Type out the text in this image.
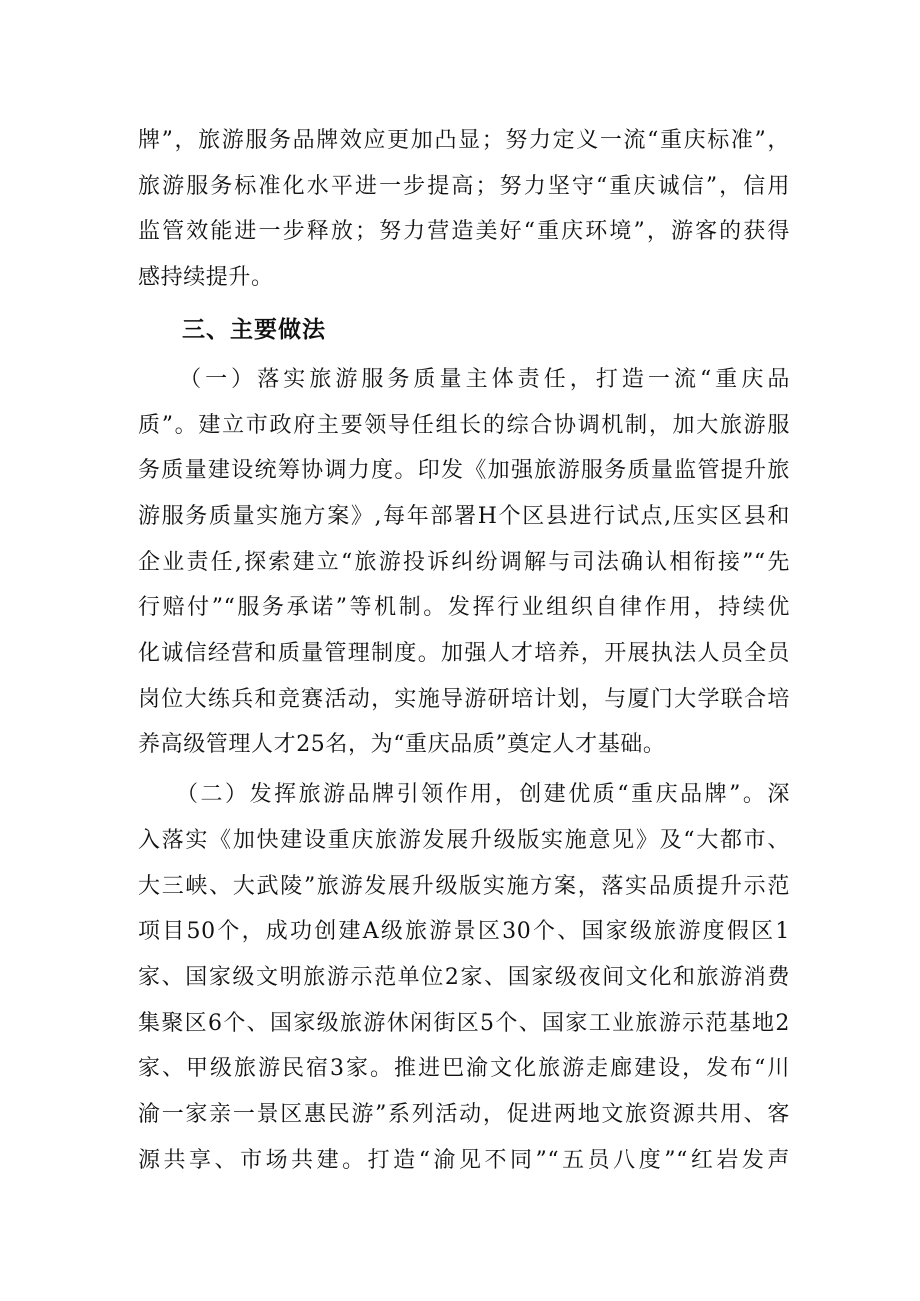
牌”，旅游服务品牌效应更加凸显；努力定义一流“重庆标准”，
旅游服务标准化水平进一步提高；努力坚守“重庆诚信”，信用
监管效能进一步释放；努力营造美好“重庆环境”，游客的获得
感持续提升。

三、主要做法

　　（一）落实旅游服务质量主体责任，打造一流“重庆品
质”。建立市政府主要领导任组长的综合协调机制，加大旅游服
务质量建设统筹协调力度。印发《加强旅游服务质量监管提升旅
游服务质量实施方案》,每年部署H个区县进行试点,压实区县和
企业责任,探索建立“旅游投诉纠纷调解与司法确认相衔接”“先
行赔付”“服务承诺”等机制。发挥行业组织自律作用，持续优
化诚信经营和质量管理制度。加强人才培养，开展执法人员全员
岗位大练兵和竞赛活动，实施导游研培计划，与厦门大学联合培
养高级管理人才25名，为“重庆品质”奠定人才基础。

　　（二）发挥旅游品牌引领作用，创建优质“重庆品牌”。深
入落实《加快建设重庆旅游发展升级版实施意见》及“大都市、
大三峡、大武陵”旅游发展升级版实施方案，落实品质提升示范
项目50个，成功创建A级旅游景区30个、国家级旅游度假区1
家、国家级文明旅游示范单位2家、国家级夜间文化和旅游消费
集聚区6个、国家级旅游休闲街区5个、国家工业旅游示范基地2
家、甲级旅游民宿3家。推进巴渝文化旅游走廊建设，发布“川
渝一家亲一景区惠民游”系列活动，促进两地文旅资源共用、客
源共享、市场共建。打造“渝见不同”“五员八度”“红岩发声
